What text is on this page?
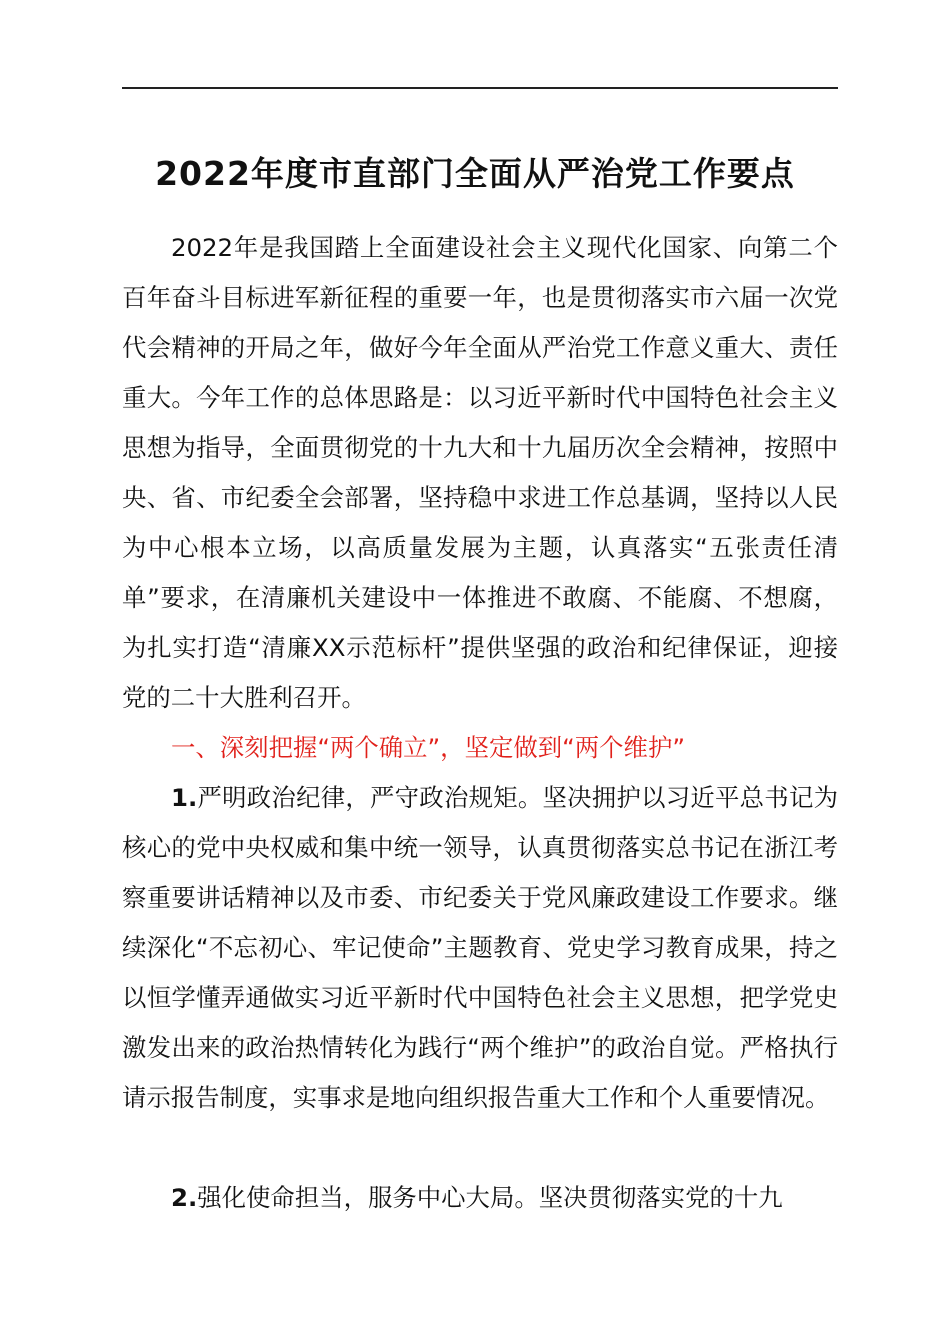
2022年度市直部门全面从严治党工作要点

2022年是我国踏上全面建设社会主义现代化国家、向第二个百年奋斗目标进军新征程的重要一年，也是贯彻落实市六届一次党代会精神的开局之年，做好今年全面从严治党工作意义重大、责任重大。今年工作的总体思路是：以习近平新时代中国特色社会主义思想为指导，全面贯彻党的十九大和十九届历次全会精神，按照中央、省、市纪委全会部署，坚持稳中求进工作总基调，坚持以人民为中心根本立场，以高质量发展为主题，认真落实“五张责任清单”要求，在清廉机关建设中一体推进不敢腐、不能腐、不想腐，为扎实打造“清廉XX示范标杆”提供坚强的政治和纪律保证，迎接党的二十大胜利召开。

一、深刻把握“两个确立”，坚定做到“两个维护”

1.严明政治纪律，严守政治规矩。坚决拥护以习近平总书记为核心的党中央权威和集中统一领导，认真贯彻落实总书记在浙江考察重要讲话精神以及市委、市纪委关于党风廉政建设工作要求。继续深化“不忘初心、牢记使命”主题教育、党史学习教育成果，持之以恒学懂弄通做实习近平新时代中国特色社会主义思想，把学党史激发出来的政治热情转化为践行“两个维护”的政治自觉。严格执行请示报告制度，实事求是地向组织报告重大工作和个人重要情况。

2.强化使命担当，服务中心大局。坚决贯彻落实党的十九
